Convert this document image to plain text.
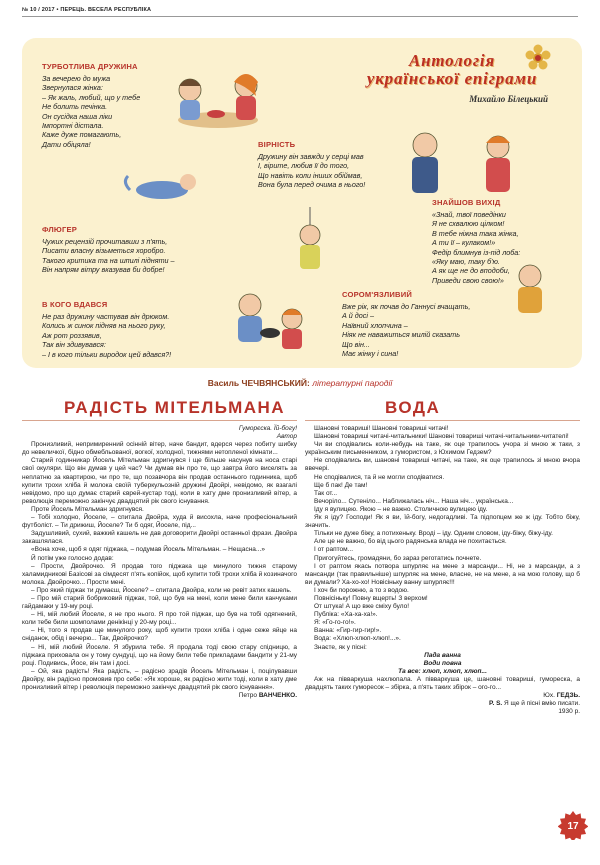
№ 10 / 2017 • ПЕРЕЦЬ. ВЕСЕЛА РЕСПУБЛІКА
Антологія
української епіграми
Михайло Білецький
ТУРБОТЛИВА ДРУЖИНА
За вечерею до мужа
Звернулася жінка:
– Як жаль, любий, що у тебе
Не болить печінка.
Он сусідка наша ліки
Імпортні дістала.
Каже дуже помагають,
Дати обіцяла!	ВІРНІСТЬ
Дружину він завжди у серці мав
І, вірите, любив її до того,
Що навіть коли інших обіймав,
Вона була перед очима в нього!
ЗНАЙШОВ ВИХІД
«Знай, твої поведінки
Я не схвалюю цілком!
В тебе ніжна така жінка,
А ти її – кулаком!»
Федір блимнув із-під лоба:
«Яку маю, таку б'ю.
А як ще не до вподоби,
Приведи свою свою!»
ФЛЮГЕР
Чужих рецензій прочитавши з п'ять,
Писати власну візьметься хоробро.
Такого критика та на шпилі підняти –
Він напрям вітру вказував би добре!
СОРОМ'ЯЗЛИВИЙ
Вже рік, як почав до Ганнусі вчащать,
А й досі –
Наївний хлопчина –
Ніяк не наважиться милій сказать
Що він...
Має жінку і сина!
В КОГО ВДАВСЯ
Не раз дружину частував він дрюком.
Колись ж синок підняв на нього руку,
Аж рот роззявив,
Так він здивувався:
– І в кого тільки виродок цей вдався?!
Василь ЧЕЧВЯНСЬКИЙ: літературні пародії
РАДІСТЬ МІТЕЛЬМАНА

Гуморєска. Їй-богу!

Автор

Пронизливий, непримиренний осінній вітер, наче бандит, вдерся через побиту шибку до невеличкої, бідно обмебльованої, вогкої, холодної, тижнями нетопленої кімнати...

Старий годинникар Йосель Мітельман здригнувся і ще більше насунув на носа старі свої окуляри. Що він думав у цей час? Чи думав він про те, що завтра його виселять за неплатню за квартирою, чи про те, що позавчора він продав останнього годинника, щоб купити трохи хліба й молока своїй туберкульозній дружині Двойрі, невідомо, як взагалі невідомо, про що думає старий єврей-кустар тоді, коли в хату дме пронизливий вітер, а революція переможно закінчує двадцятий рік свого існування.

Проте Йосель Мітельман здригнувся.

– Тобі холодно, Йоселе, – спитала Двойра, худа й висохла, наче професіональний футболіст. – Ти дрижиш, Йоселе? Ти б одяг, Йоселе, під...

Задушливий, сухий, важкий кашель не дав договорити Двойрі останньої фрази. Двойра закашлялася.

«Вона хоче, щоб я одяг піджака, – подумав Йосель Мітельман. – Нещасна...»

Й потім уже голосно додав:

– Прости, Двойрочко. Я продав того піджака ще минулого тижня старому халамидникові Базісові за сімдесят п'ять копійок, щоб купити тобі трохи хліба й козиначого молока. Двойрочко... Прости мені.

– Про який піджак ти думаєш, Йоселе? – спитала Двойра, коли не ревіт затих кашель.

– Про мій старий бобриковий піджак, той, що був на мені, коли мене били канчуками гайдамаки у 19-му році.

– Ні, мій любий Йоселе, я не про нього. Я про той піджак, що був на тобі одягнений, коли тебе били шомполами денікінці у 20-му році...

– Ні, того я продав ще минулого року, щоб купити трохи хліба і одне сеже яйце на сніданок, обід і вечерю... Так, Двойрочко?

– Ні, мій любий Йоселе. Я збурила тебе. Я продала тоді свою стару спідницю, а піджака приховала он у тому сундуці, що на йому били тебе прикладами бандити у 21-му році. Подивись, Йосе, він там і досі.

– Ой, яка радість! Яка радість, – радісно зрадів Йосель Мітельман і, поцілувавши Двойру, він радісно промовив про себе: «Як хороше, як радісно жити тоді, коли в хату дме пронизливий вітер і революція переможно закінчує двадцятий рік свого існування».

Петро ВАНЧЕНКО.

ВОДА

Шановні товариші! Шановні товариші читачі!

Шановні товариші читачі-читальники! Шановні товариші читачі-читальники-читателі!

Чи ви сподівались коли-небудь на таке, як оце трапилось учора зі мною ж таки, з українським письменником, з гумористом, з Юхимом Гедзем?

Не сподівались ви, шановні товариші читачі, на таке, як оце трапилось зі мною вчора ввечері.

Не сподівалися, та й не могли сподіватися.

Ще б пак! Де там!

Так от...

Вечоріло... Сутеніло... Наближалась ніч... Наша ніч... українська...

Іду я вулицею. Якою – не важно. Столичною вулицею іду.

Як я іду? Господи! Як я ви, їй-богу, недогадливі. Та підпопцем же ж іду. Тобто біжу, значить.

Тільки не дуже біжу, а потихеньку. Вроді – іду. Одним словом, іду-біжу, біжу-іду.

Але це не важно, бо від цього радянська влада не похитається.

І от раптом...

Пригогуйтесь, громадяни, бо зараз реготатись почнете.

І от раптом якась потвора шпурляє на мене з марсанди... Ні, не з марсанди, а з мансанди (так правильніше) шпурляє на мене, власне, не на мене, а на мою голову, що б ви думали? Ха-хо-хо! Новісіньку ванну шпурляє!!!

І хоч би порожню, а то з водою.

Повнісіньку! Повну вщерть! З верхом!

От штука! А що вже сміху було!

Публіка: «Ха-ха-ха!».

Я: «Го-го-го!».

Ванна: «Гир-гир-гир!».

Вода: «Хлюп-хлюп-хлюп!...».

Знаєте, як у пісні:

Пада ванна

Води повна

Та все: хлюп, хлюп, хлюп...

Аж на півваркуша нахлюпала. А півваркуша це, шановні товариші, гумореска, а двадцять таких гуморесок – збірка, а п'ять таких збірок – ого-го...

Юх. ГЕДЗЬ.

P. S. Я ще й пісні вмію писати.

1930 р.

17
